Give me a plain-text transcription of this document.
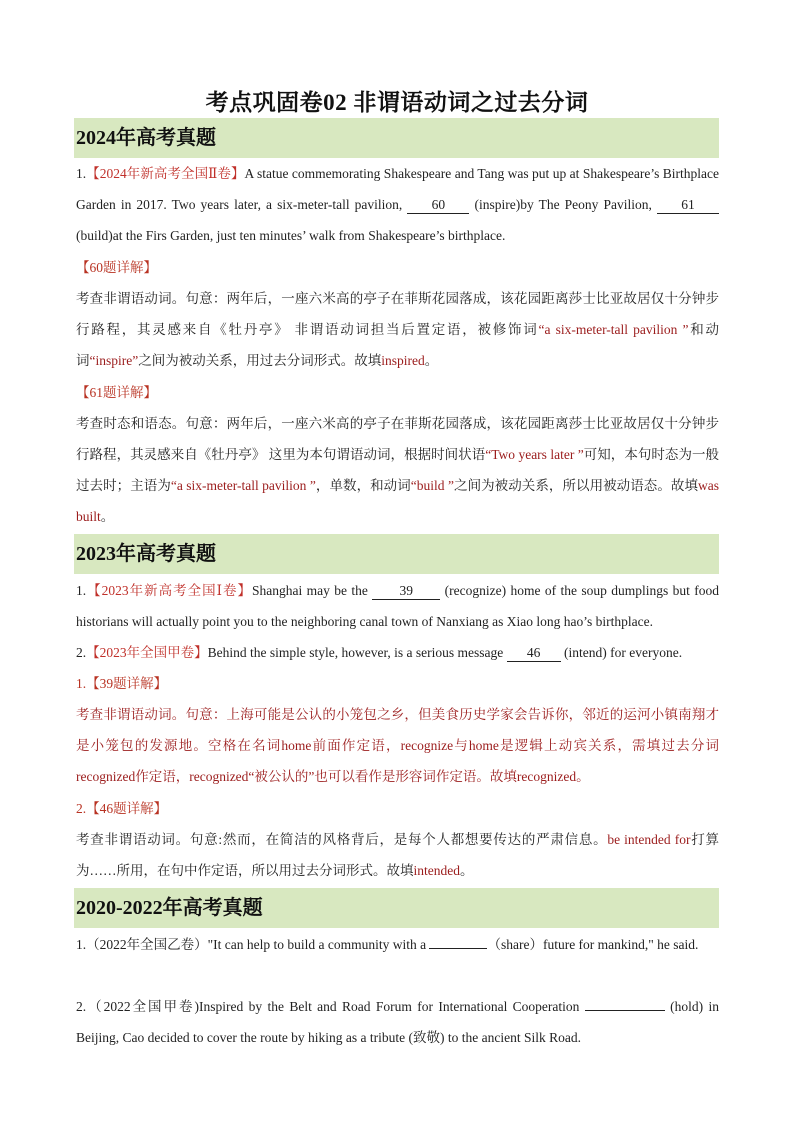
考点巩固卷02 非谓语动词之过去分词
2024年高考真题

1.【2024年新高考全国Ⅱ卷】A statue commemorating Shakespeare and Tang was put up at Shakespeare’s Birthplace Garden in 2017. Two years later, a six-meter-tall pavilion, 60 (inspire)by The Peony Pavilion, 61 (build)at the Firs Garden, just ten minutes’ walk from Shakespeare’s birthplace.

【60题详解】

考查非谓语动词。句意：两年后，一座六米高的亭子在菲斯花园落成，该花园距离莎士比亚故居仅十分钟步行路程，其灵感来自《牡丹亭》 非谓语动词担当后置定语，被修饰词“a six-meter-tall pavilion ”和动词“inspire”之间为被动关系，用过去分词形式。故填inspired。

【61题详解】

考查时态和语态。句意：两年后，一座六米高的亭子在菲斯花园落成，该花园距离莎士比亚故居仅十分钟步行路程，其灵感来自《牡丹亭》 这里为本句谓语动词，根据时间状语“Two years later ”可知，本句时态为一般过去时；主语为“a six-meter-tall pavilion ”，单数，和动词“build ”之间为被动关系，所以用被动语态。故填was built。

2023年高考真题

1.【2023年新高考全国Ⅰ卷】Shanghai may be the 39 (recognize) home of the soup dumplings but food historians will actually point you to the neighboring canal town of Nanxiang as Xiao long hao’s birthplace.

2.【2023年全国甲卷】Behind the simple style, however, is a serious message 46 (intend) for everyone.

1.【39题详解】

考查非谓语动词。句意：上海可能是公认的小笼包之乡，但美食历史学家会告诉你，邻近的运河小镇南翔才是小笼包的发源地。空格在名词home前面作定语，recognize与home是逻辑上动宾关系，需填过去分词recognized作定语，recognized“被公认的”也可以看作是形容词作定语。故填recognized。

2.【46题详解】

考查非谓语动词。句意:然而，在简洁的风格背后，是每个人都想要传达的严肃信息。be intended for打算为……所用，在句中作定语，所以用过去分词形式。故填intended。

2020-2022年高考真题

1.（2022年全国乙卷）"It can help to build a community with a	（share）future for mankind," he said.

2.（2022全国甲卷)Inspired by the Belt and Road Forum for International Cooperation	(hold) in Beijing, Cao decided to cover the route by hiking as a tribute (致敬) to the ancient Silk Road.
